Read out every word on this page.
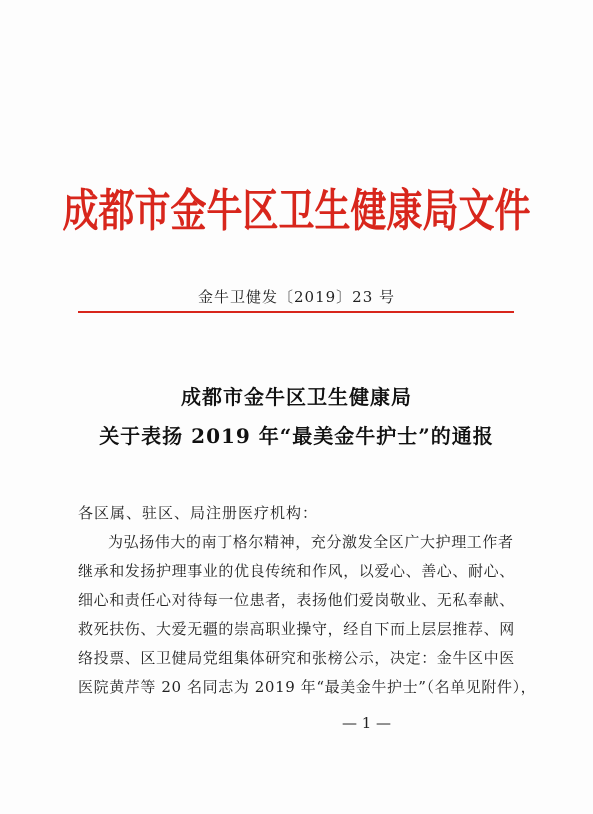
成都市金牛区卫生健康局文件
金牛卫健发〔2019〕23 号
成都市金牛区卫生健康局
关于表扬 2019 年“最美金牛护士”的通报
各区属、驻区、局注册医疗机构：
为弘扬伟大的南丁格尔精神，充分激发全区广大护理工作者
继承和发扬护理事业的优良传统和作风，以爱心、善心、耐心、
细心和责任心对待每一位患者，表扬他们爱岗敬业、无私奉献、
救死扶伤、大爱无疆的崇高职业操守，经自下而上层层推荐、网
络投票、区卫健局党组集体研究和张榜公示，决定：金牛区中医
医院黄芹等 20 名同志为 2019 年“最美金牛护士”（名单见附件），
— 1 —
